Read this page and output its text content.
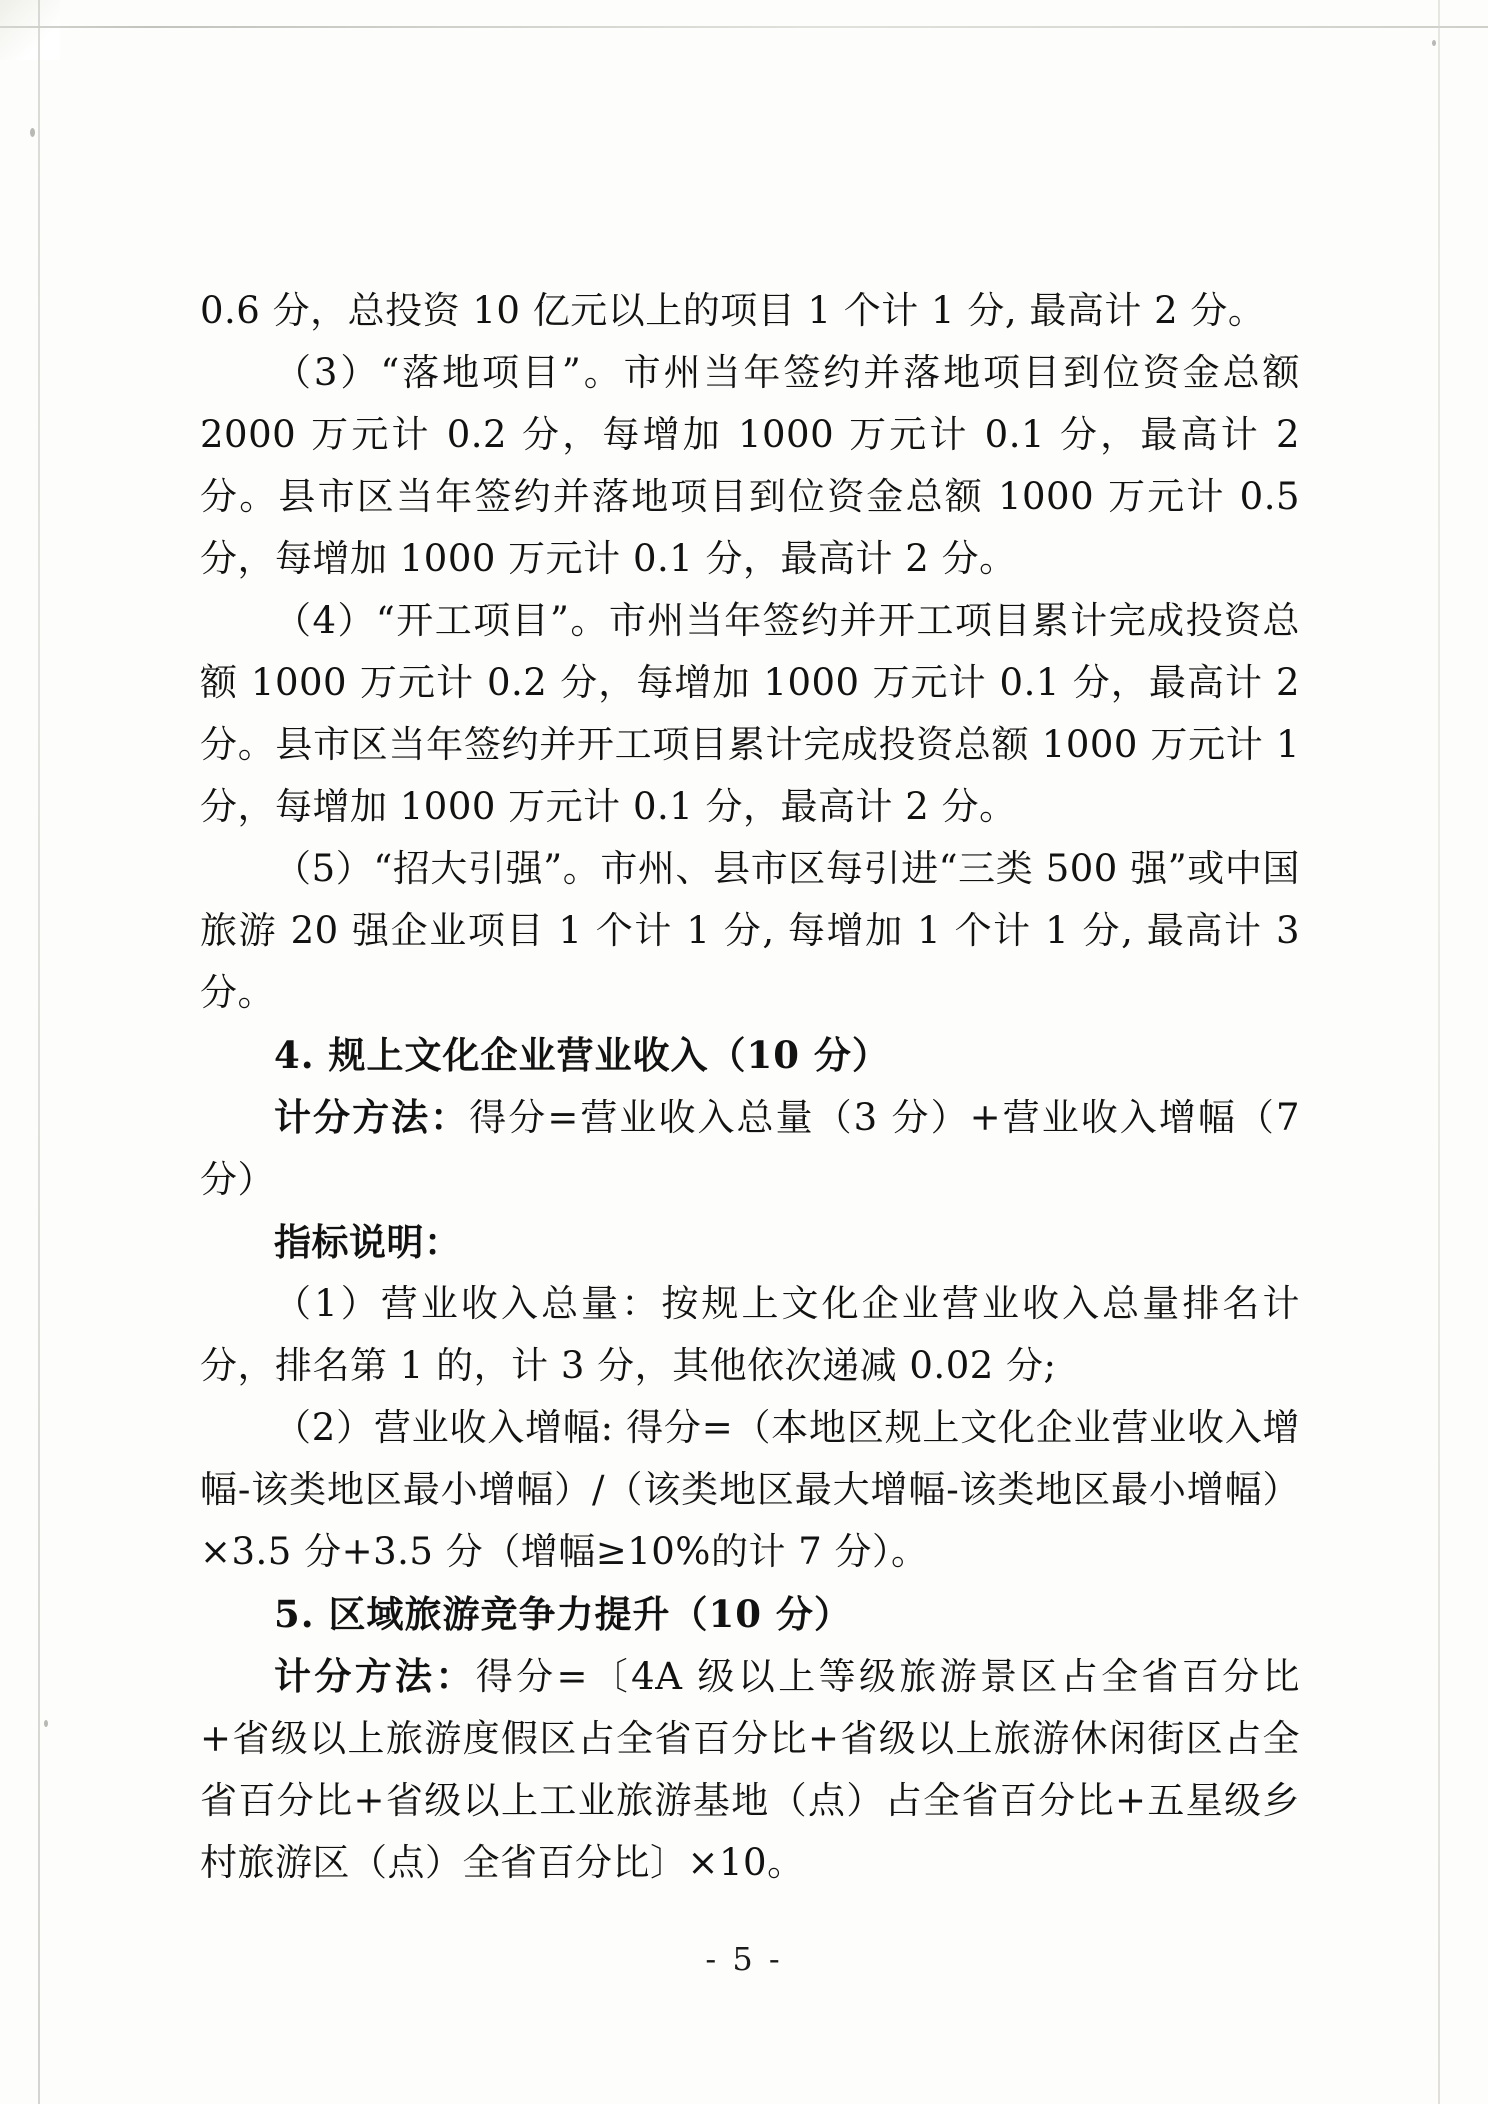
0.6 分，总投资 10 亿元以上的项目 1 个计 1 分, 最高计 2 分。

（3）“落地项目”。市州当年签约并落地项目到位资金总额 2000 万元计 0.2 分，每增加 1000 万元计 0.1 分，最高计 2 分。县市区当年签约并落地项目到位资金总额 1000 万元计 0.5 分，每增加 1000 万元计 0.1 分，最高计 2 分。

（4）“开工项目”。市州当年签约并开工项目累计完成投资总额 1000 万元计 0.2 分，每增加 1000 万元计 0.1 分，最高计 2 分。县市区当年签约并开工项目累计完成投资总额 1000 万元计 1 分，每增加 1000 万元计 0.1 分，最高计 2 分。

（5）“招大引强”。市州、县市区每引进“三类 500 强”或中国旅游 20 强企业项目 1 个计 1 分, 每增加 1 个计 1 分, 最高计 3 分。

4. 规上文化企业营业收入（10 分）

计分方法：得分=营业收入总量（3 分）+营业收入增幅（7 分）

指标说明：

（1）营业收入总量：按规上文化企业营业收入总量排名计分，排名第 1 的，计 3 分，其他依次递减 0.02 分;

（2）营业收入增幅: 得分=（本地区规上文化企业营业收入增幅-该类地区最小增幅）/（该类地区最大增幅-该类地区最小增幅）×3.5 分+3.5 分（增幅≥10%的计 7 分）。

5. 区域旅游竞争力提升（10 分）

计分方法：得分=〔4A 级以上等级旅游景区占全省百分比+省级以上旅游度假区占全省百分比+省级以上旅游休闲街区占全省百分比+省级以上工业旅游基地（点）占全省百分比+五星级乡村旅游区（点）全省百分比〕×10。

- 5 -
